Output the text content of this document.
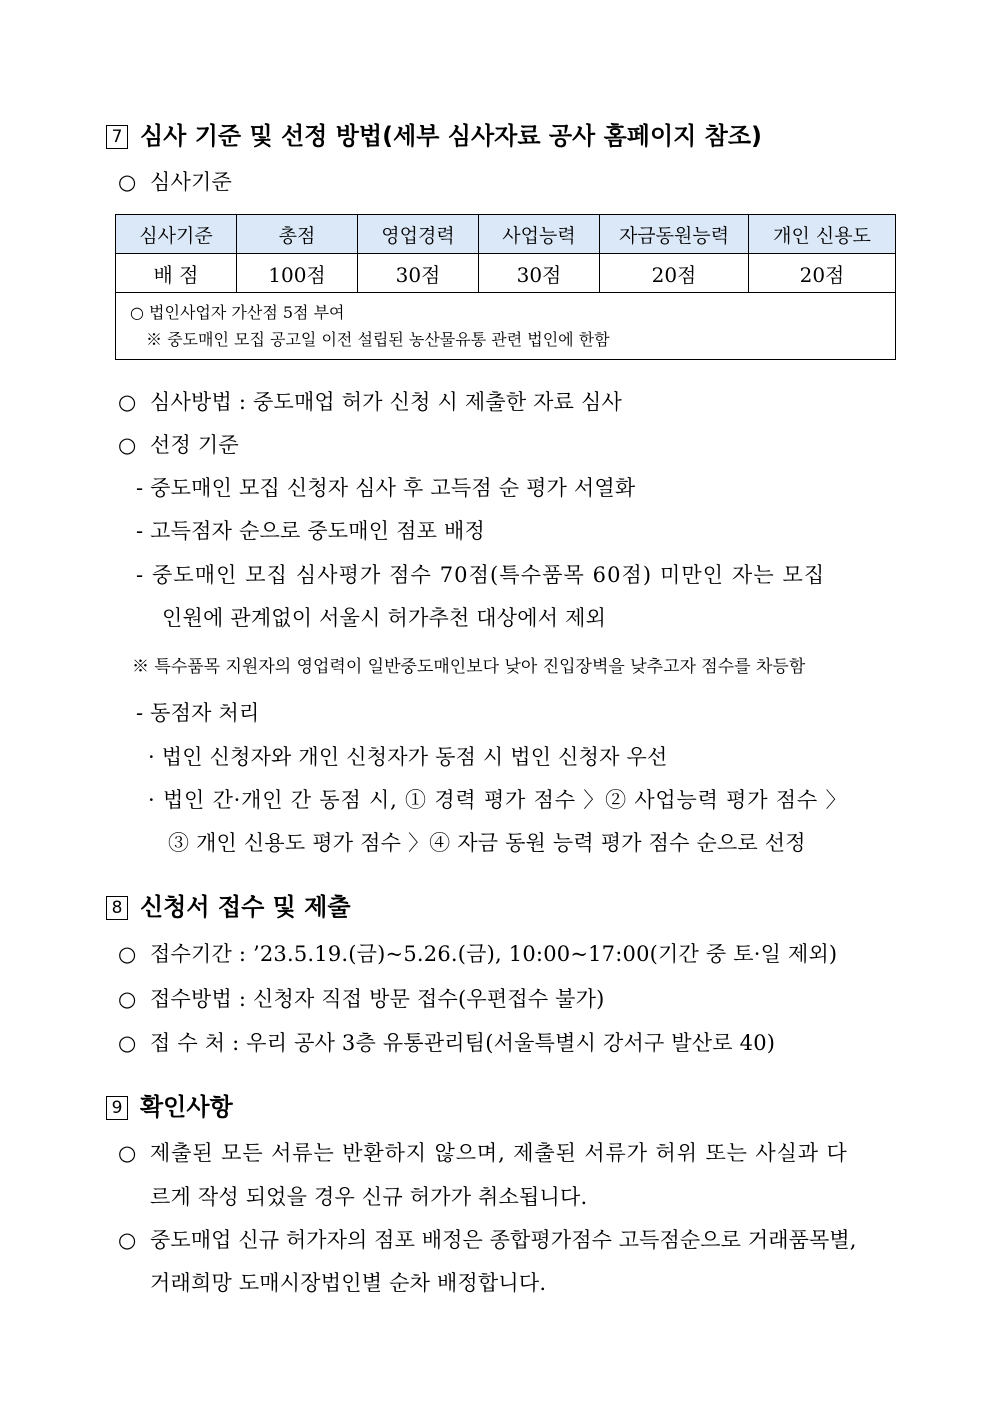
7 심사 기준 및 선정 방법(세부 심사자료 공사 홈페이지 참조)
○ 심사기준
심사기준	총점	영업경력	사업능력	자금동원능력	개인 신용도
배 점	100점	30점	30점	20점	20점

○ 법인사업자 가산점 5점 부여
※ 중도매인 모집 공고일 이전 설립된 농산물유통 관련 법인에 한함					
○ 심사방법 : 중도매업 허가 신청 시 제출한 자료 심사
○ 선정 기준
- 중도매인 모집 신청자 심사 후 고득점 순 평가 서열화
- 고득점자 순으로 중도매인 점포 배정
- 중도매인 모집 심사평가 점수 70점(특수품목 60점) 미만인 자는 모집
인원에 관계없이 서울시 허가추천 대상에서 제외
※ 특수품목 지원자의 영업력이 일반중도매인보다 낮아 진입장벽을 낮추고자 점수를 차등함
- 동점자 처리
· 법인 신청자와 개인 신청자가 동점 시 법인 신청자 우선
· 법인 간·개인 간 동점 시, ① 경력 평가 점수 〉② 사업능력 평가 점수 〉
③ 개인 신용도 평가 점수 〉④ 자금 동원 능력 평가 점수 순으로 선정
8 신청서 접수 및 제출
○ 접수기간 : ’23.5.19.(금)~5.26.(금), 10:00~17:00(기간 중 토·일 제외)
○ 접수방법 : 신청자 직접 방문 접수(우편접수 불가)
○ 접 수 처 : 우리 공사 3층 유통관리팀(서울특별시 강서구 발산로 40)
9 확인사항
○ 제출된 모든 서류는 반환하지 않으며, 제출된 서류가 허위 또는 사실과 다
르게 작성 되었을 경우 신규 허가가 취소됩니다.
○ 중도매업 신규 허가자의 점포 배정은 종합평가점수 고득점순으로 거래품목별,
거래희망 도매시장법인별 순차 배정합니다.
